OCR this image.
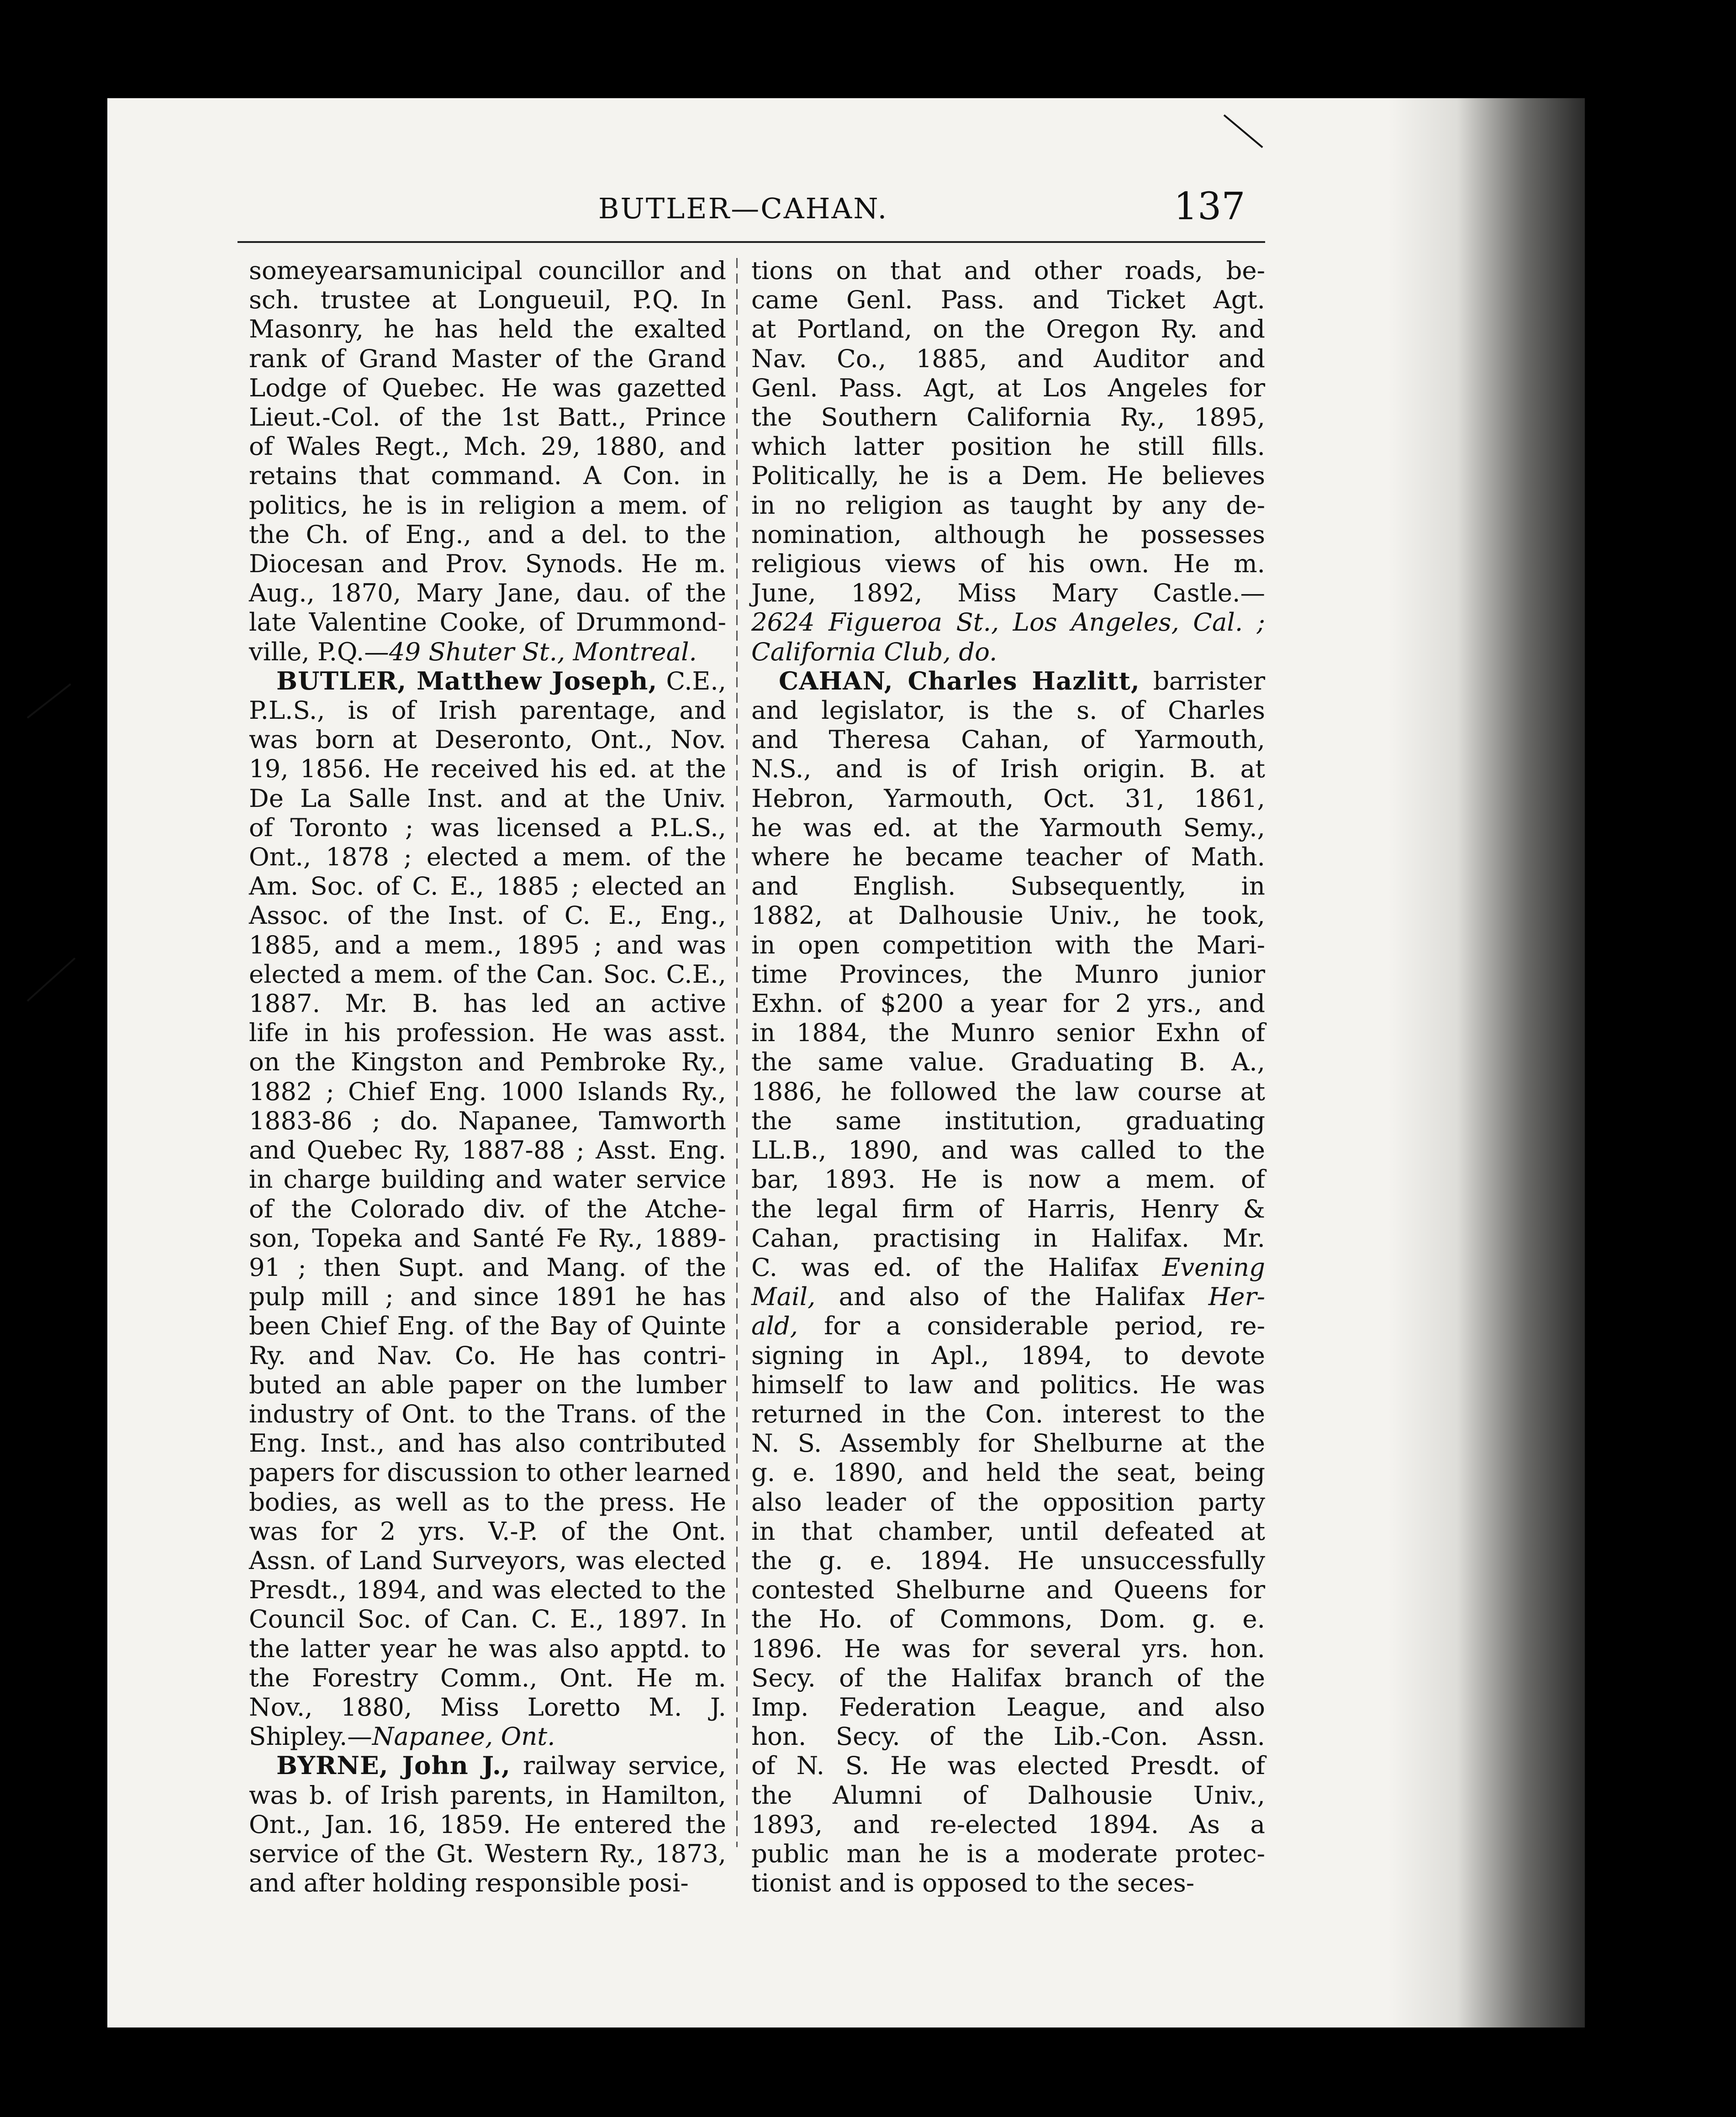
BUTLER—CAHAN.	137
someyearsamunicipal councillor and
sch. trustee at Longueuil, P.Q. In
Masonry, he has held the exalted
rank of Grand Master of the Grand
Lodge of Quebec. He was gazetted
Lieut.-Col. of the 1st Batt., Prince
of Wales Regt., Mch. 29, 1880, and
retains that command. A Con. in
politics, he is in religion a mem. of
the Ch. of Eng., and a del. to the
Diocesan and Prov. Synods. He m.
Aug., 1870, Mary Jane, dau. of the
late Valentine Cooke, of Drummond-
ville, P.Q.—49 Shuter St., Montreal.
BUTLER, Matthew Joseph, C.E.,
P.L.S., is of Irish parentage, and
was born at Deseronto, Ont., Nov.
19, 1856. He received his ed. at the
De La Salle Inst. and at the Univ.
of Toronto ; was licensed a P.L.S.,
Ont., 1878 ; elected a mem. of the
Am. Soc. of C. E., 1885 ; elected an
Assoc. of the Inst. of C. E., Eng.,
1885, and a mem., 1895 ; and was
elected a mem. of the Can. Soc. C.E.,
1887. Mr. B. has led an active
life in his profession. He was asst.
on the Kingston and Pembroke Ry.,
1882 ; Chief Eng. 1000 Islands Ry.,
1883-86 ; do. Napanee, Tamworth
and Quebec Ry, 1887-88 ; Asst. Eng.
in charge building and water service
of the Colorado div. of the Atche-
son, Topeka and Santé Fe Ry., 1889-
91 ; then Supt. and Mang. of the
pulp mill ; and since 1891 he has
been Chief Eng. of the Bay of Quinte
Ry. and Nav. Co. He has contri-
buted an able paper on the lumber
industry of Ont. to the Trans. of the
Eng. Inst., and has also contributed
papers for discussion to other learned
bodies, as well as to the press. He
was for 2 yrs. V.-P. of the Ont.
Assn. of Land Surveyors, was elected
Presdt., 1894, and was elected to the
Council Soc. of Can. C. E., 1897. In
the latter year he was also apptd. to
the Forestry Comm., Ont. He m.
Nov., 1880, Miss Loretto M. J.
Shipley.—Napanee, Ont.
BYRNE, John J., railway service,
was b. of Irish parents, in Hamilton,
Ont., Jan. 16, 1859. He entered the
service of the Gt. Western Ry., 1873,
and after holding responsible posi-
tions on that and other roads, be-
came Genl. Pass. and Ticket Agt.
at Portland, on the Oregon Ry. and
Nav. Co., 1885, and Auditor and
Genl. Pass. Agt, at Los Angeles for
the Southern California Ry., 1895,
which latter position he still fills.
Politically, he is a Dem. He believes
in no religion as taught by any de-
nomination, although he possesses
religious views of his own. He m.
June, 1892, Miss Mary Castle.—
2624 Figueroa St., Los Angeles, Cal. ;
California Club, do.
CAHAN, Charles Hazlitt, barrister
and legislator, is the s. of Charles
and Theresa Cahan, of Yarmouth,
N.S., and is of Irish origin. B. at
Hebron, Yarmouth, Oct. 31, 1861,
he was ed. at the Yarmouth Semy.,
where he became teacher of Math.
and English. Subsequently, in
1882, at Dalhousie Univ., he took,
in open competition with the Mari-
time Provinces, the Munro junior
Exhn. of $200 a year for 2 yrs., and
in 1884, the Munro senior Exhn of
the same value. Graduating B. A.,
1886, he followed the law course at
the same institution, graduating
LL.B., 1890, and was called to the
bar, 1893. He is now a mem. of
the legal firm of Harris, Henry &
Cahan, practising in Halifax. Mr.
C. was ed. of the Halifax Evening
Mail, and also of the Halifax Her-
ald, for a considerable period, re-
signing in Apl., 1894, to devote
himself to law and politics. He was
returned in the Con. interest to the
N. S. Assembly for Shelburne at the
g. e. 1890, and held the seat, being
also leader of the opposition party
in that chamber, until defeated at
the g. e. 1894. He unsuccessfully
contested Shelburne and Queens for
the Ho. of Commons, Dom. g. e.
1896. He was for several yrs. hon.
Secy. of the Halifax branch of the
Imp. Federation League, and also
hon. Secy. of the Lib.-Con. Assn.
of N. S. He was elected Presdt. of
the Alumni of Dalhousie Univ.,
1893, and re-elected 1894. As a
public man he is a moderate protec-
tionist and is opposed to the seces-
